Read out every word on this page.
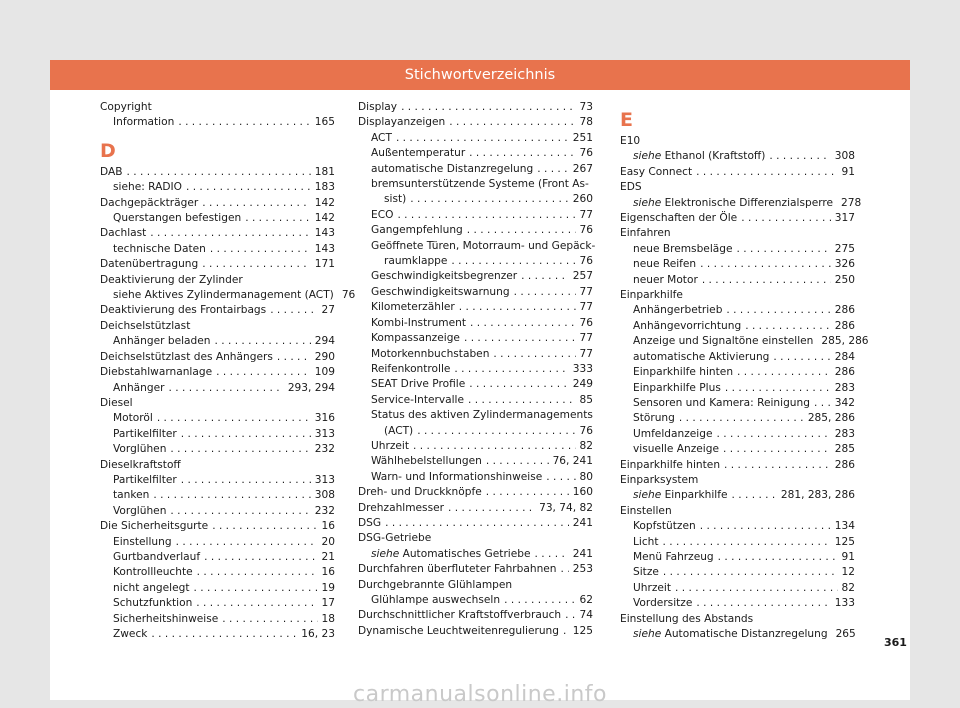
Stichwortverzeichnis
Copyright
Information . . .	165
D
DAB . . .	181
siehe: RADIO . . .	183
Dachgepäckträger . . .	142
Querstangen befestigen . . .	142
Dachlast . . .	143
technische Daten . . .	143
Datenübertragung . . .	171
Deaktivierung der Zylinder
siehe Aktives Zylindermanagement (ACT) 76
Deaktivierung des Frontairbags . . .	27
Deichselstützlast
Anhänger beladen . . .	294
Deichselstützlast des Anhängers . . .	290
Diebstahlwarnanlage . . .	109
Anhänger . . .	293, 294
Diesel
Motoröl . . .	316
Partikelfilter . . .	313
Vorglühen . . .	232
Dieselkraftstoff
Partikelfilter . . .	313
tanken . . .	308
Vorglühen . . .	232
Die Sicherheitsgurte . . .	16
Einstellung . . .	20
Gurtbandverlauf . . .	21
Kontrollleuchte . . .	16
nicht angelegt . . .	19
Schutzfunktion . . .	17
Sicherheitshinweise . . .	18
Zweck . . .	16, 23
Display . . .	73
Displayanzeigen . . .	78
ACT . . .	251
Außentemperatur . . .	76
automatische Distanzregelung . . .	267
bremsunterstützende Systeme (Front As-
sist) . . .	260
ECO . . .	77
Gangempfehlung . . .	76
Geöffnete Türen, Motorraum- und Gepäck-
raumklappe . . .	76
Geschwindigkeitsbegrenzer . . .	257
Geschwindigkeitswarnung . . .	77
Kilometerzähler . . .	77
Kombi-Instrument . . .	76
Kompassanzeige . . .	77
Motorkennbuchstaben . . .	77
Reifenkontrolle . . .	333
SEAT Drive Profile . . .	249
Service-Intervalle . . .	85
Status des aktiven Zylindermanagements
(ACT) . . .	76
Uhrzeit . . .	82
Wählhebelstellungen . . .	76, 241
Warn- und Informationshinweise . . .	80
Dreh- und Druckknöpfe . . .	160
Drehzahlmesser . . .	73, 74, 82
DSG . . .	241
DSG-Getriebe
siehe Automatisches Getriebe . . .	241
Durchfahren überfluteter Fahrbahnen . . . 253
Durchgebrannte Glühlampen
Glühlampe auswechseln . . .	62
Durchschnittlicher Kraftstoffverbrauch . . . 74
Dynamische Leuchtweitenregulierung . . . 125
E
E10
siehe Ethanol (Kraftstoff) . . .	308
Easy Connect . . .	91
EDS
siehe Elektronische Differenzialsperre 278
Eigenschaften der Öle . . .	317
Einfahren
neue Bremsbeläge . . .	275
neue Reifen . . .	326
neuer Motor . . .	250
Einparkhilfe
Anhängerbetrieb . . .	286
Anhängevorrichtung . . .	286
Anzeige und Signaltöne einstellen 285, 286
automatische Aktivierung . . .	284
Einparkhilfe hinten . . .	286
Einparkhilfe Plus . . .	283
Sensoren und Kamera: Reinigung . . . 342
Störung . . .	285, 286
Umfeldanzeige . . .	283
visuelle Anzeige . . .	285
Einparkhilfe hinten . . .	286
Einparksystem
siehe Einparkhilfe . . .	281, 283, 286
Einstellen
Kopfstützen . . .	134
Licht . . .	125
Menü Fahrzeug . . .	91
Sitze . . .	12
Uhrzeit . . .	82
Vordersitze . . .	133
Einstellung des Abstands
siehe Automatische Distanzregelung 265
361
carmanualsonline.info
